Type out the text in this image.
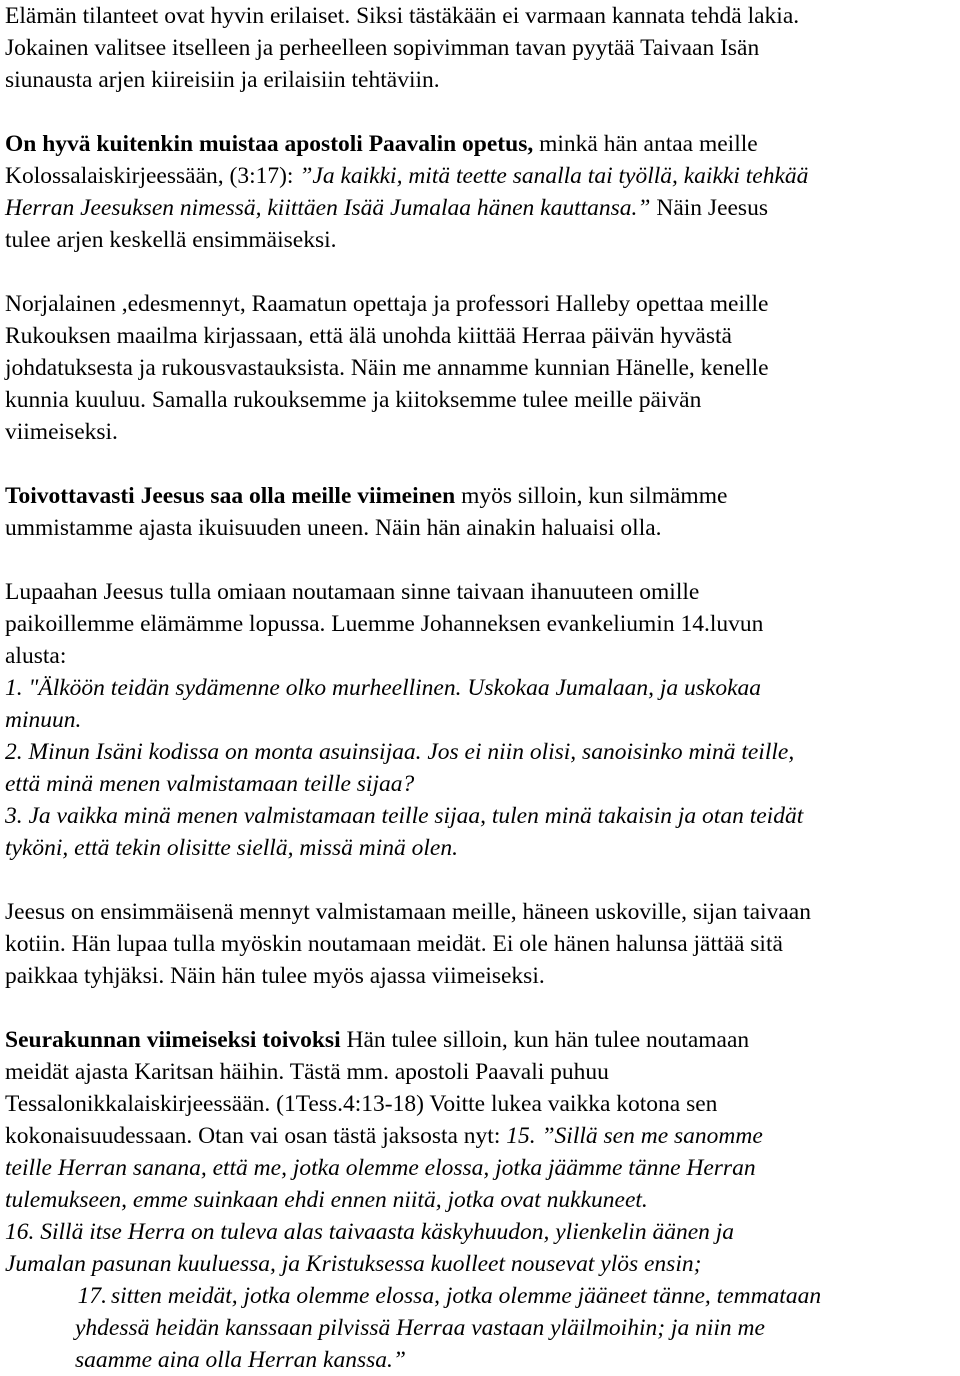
Elämän tilanteet ovat hyvin erilaiset. Siksi tästäkään ei varmaan kannata tehdä lakia.
Jokainen valitsee itselleen ja perheelleen sopivimman tavan pyytää Taivaan Isän
siunausta arjen kiireisiin ja erilaisiin tehtäviin.

On hyvä kuitenkin muistaa apostoli Paavalin opetus, minkä hän antaa meille
Kolossalaiskirjeessään, (3:17): ”Ja kaikki, mitä teette sanalla tai työllä, kaikki tehkää
Herran Jeesuksen nimessä, kiittäen Isää Jumalaa hänen kauttansa.” Näin Jeesus
tulee arjen keskellä ensimmäiseksi.

Norjalainen ,edesmennyt, Raamatun opettaja ja professori Halleby opettaa meille
Rukouksen maailma kirjassaan, että älä unohda kiittää Herraa päivän hyvästä
johdatuksesta ja rukousvastauksista. Näin me annamme kunnian Hänelle, kenelle
kunnia kuuluu. Samalla rukouksemme ja kiitoksemme tulee meille päivän
viimeiseksi.

Toivottavasti Jeesus saa olla meille viimeinen myös silloin, kun silmämme
ummistamme ajasta ikuisuuden uneen. Näin hän ainakin haluaisi olla.

Lupaahan Jeesus tulla omiaan noutamaan sinne taivaan ihanuuteen omille
paikoillemme elämämme lopussa. Luemme Johanneksen evankeliumin 14.luvun
alusta:
1. "Älköön teidän sydämenne olko murheellinen. Uskokaa Jumalaan, ja uskokaa
minuun.
2. Minun Isäni kodissa on monta asuinsijaa. Jos ei niin olisi, sanoisinko minä teille,
että minä menen valmistamaan teille sijaa?
3. Ja vaikka minä menen valmistamaan teille sijaa, tulen minä takaisin ja otan teidät
tyköni, että tekin olisitte siellä, missä minä olen.

Jeesus on ensimmäisenä mennyt valmistamaan meille, häneen uskoville, sijan taivaan
kotiin. Hän lupaa tulla myöskin noutamaan meidät. Ei ole hänen halunsa jättää sitä
paikkaa tyhjäksi. Näin hän tulee myös ajassa viimeiseksi.

Seurakunnan viimeiseksi toivoksi Hän tulee silloin, kun hän tulee noutamaan
meidät ajasta Karitsan häihin. Tästä mm. apostoli Paavali puhuu
Tessalonikkalaiskirjeessään. (1Tess.4:13-18) Voitte lukea vaikka kotona sen
kokonaisuudessaan. Otan vai osan tästä jaksosta nyt: 15. ”Sillä sen me sanomme
teille Herran sanana, että me, jotka olemme elossa, jotka jäämme tänne Herran
tulemukseen, emme suinkaan ehdi ennen niitä, jotka ovat nukkuneet.
16. Sillä itse Herra on tuleva alas taivaasta käskyhuudon, ylienkelin äänen ja
Jumalan pasunan kuuluessa, ja Kristuksessa kuolleet nousevat ylös ensin;
17. sitten meidät, jotka olemme elossa, jotka olemme jääneet tänne, temmataan
yhdessä heidän kanssaan pilvissä Herraa vastaan yläilmoihin; ja niin me
saamme aina olla Herran kanssa.”
